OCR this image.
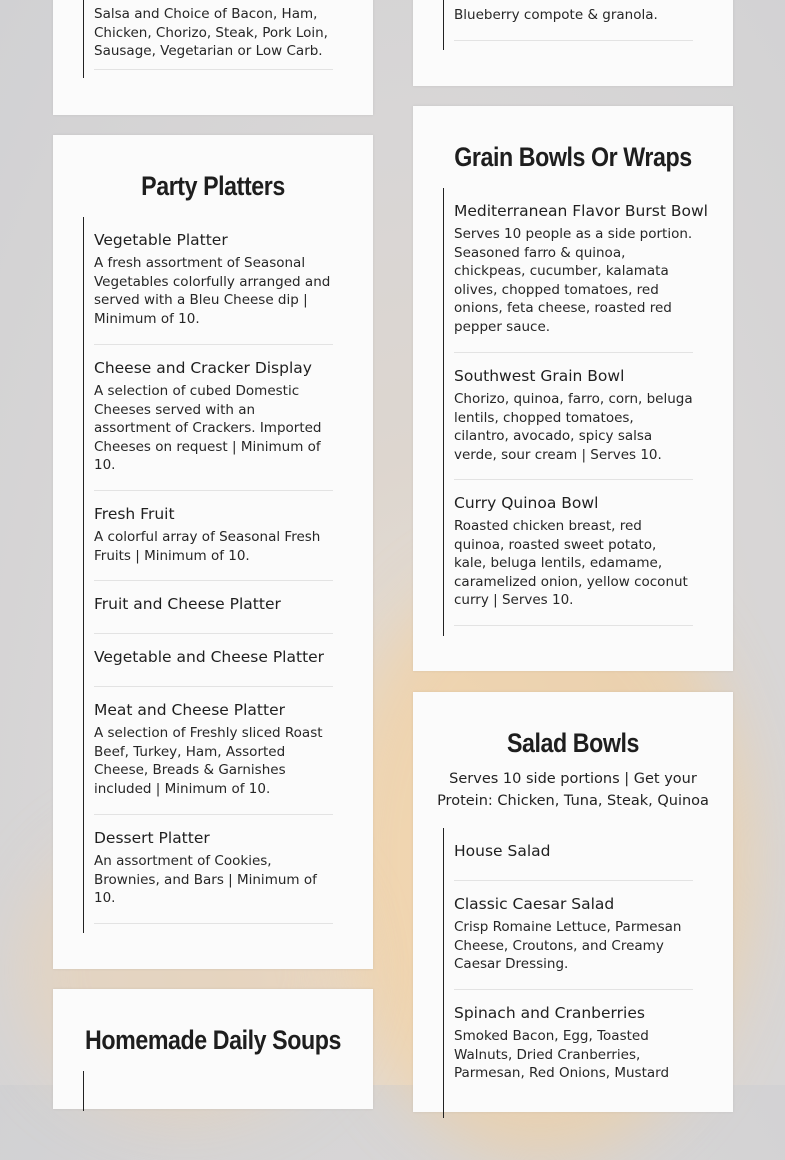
Salsa and Choice of Bacon, Ham,
Chicken, Chorizo, Steak, Pork Loin,
Sausage, Vegetarian or Low Carb.
Blueberry compote & granola.
Party Platters
Vegetable Platter
A fresh assortment of Seasonal
Vegetables colorfully arranged and
served with a Bleu Cheese dip |
Minimum of 10.
Cheese and Cracker Display
A selection of cubed Domestic
Cheeses served with an
assortment of Crackers. Imported
Cheeses on request | Minimum of
10.
Fresh Fruit
A colorful array of Seasonal Fresh
Fruits | Minimum of 10.
Fruit and Cheese Platter
Vegetable and Cheese Platter
Meat and Cheese Platter
A selection of Freshly sliced Roast
Beef, Turkey, Ham, Assorted
Cheese, Breads & Garnishes
included | Minimum of 10.
Dessert Platter
An assortment of Cookies,
Brownies, and Bars | Minimum of
10.
Homemade Daily Soups
Grain Bowls Or Wraps
Mediterranean Flavor Burst Bowl
Serves 10 people as a side portion.
Seasoned farro & quinoa,
chickpeas, cucumber, kalamata
olives, chopped tomatoes, red
onions, feta cheese, roasted red
pepper sauce.
Southwest Grain Bowl
Chorizo, quinoa, farro, corn, beluga
lentils, chopped tomatoes,
cilantro, avocado, spicy salsa
verde, sour cream | Serves 10.
Curry Quinoa Bowl
Roasted chicken breast, red
quinoa, roasted sweet potato,
kale, beluga lentils, edamame,
caramelized onion, yellow coconut
curry | Serves 10.
Salad Bowls
Serves 10 side portions | Get your
Protein: Chicken, Tuna, Steak, Quinoa
House Salad
Classic Caesar Salad
Crisp Romaine Lettuce, Parmesan
Cheese, Croutons, and Creamy
Caesar Dressing.
Spinach and Cranberries
Smoked Bacon, Egg, Toasted
Walnuts, Dried Cranberries,
Parmesan, Red Onions, Mustard
